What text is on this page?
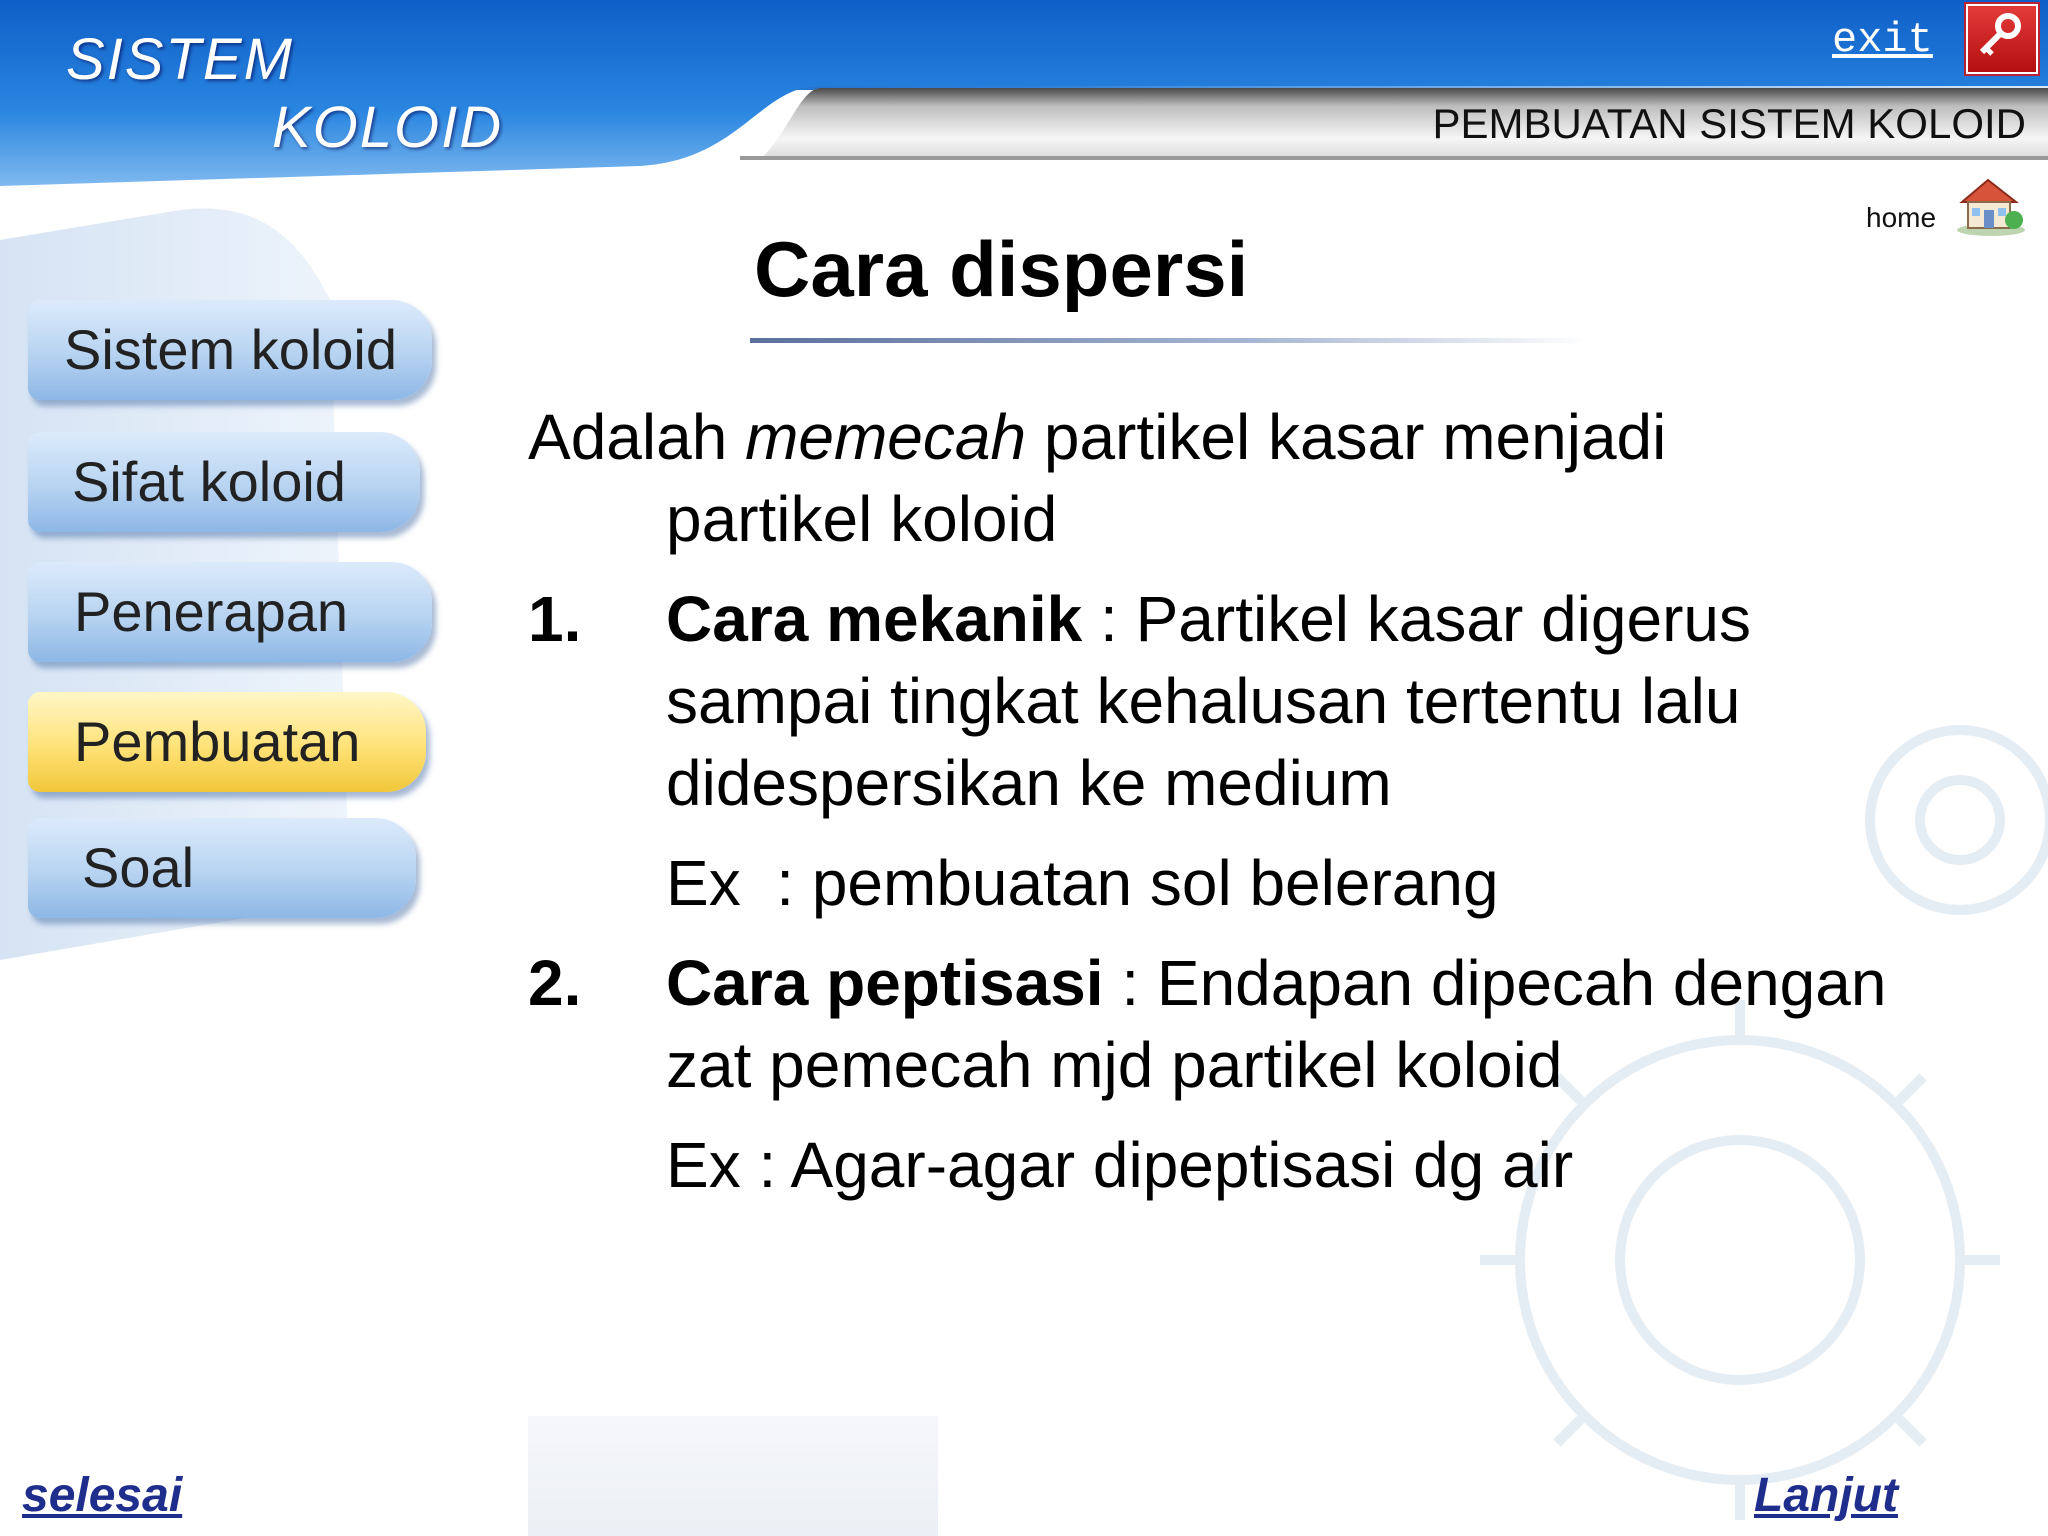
SISTEM
KOLOID
exit
PEMBUATAN SISTEM KOLOID
home
Sistem koloid
Sifat koloid
Penerapan
Pembuatan
Soal
Cara dispersi
Adalah memecah partikel kasar menjadi
partikel koloid
1.	Cara mekanik : Partikel kasar digerus sampai tingkat kehalusan tertentu lalu didespersikan ke medium
Ex  : pembuatan sol belerang
2.	Cara peptisasi : Endapan dipecah dengan zat pemecah mjd partikel koloid
Ex : Agar-agar dipeptisasi dg air
selesai	Lanjut
